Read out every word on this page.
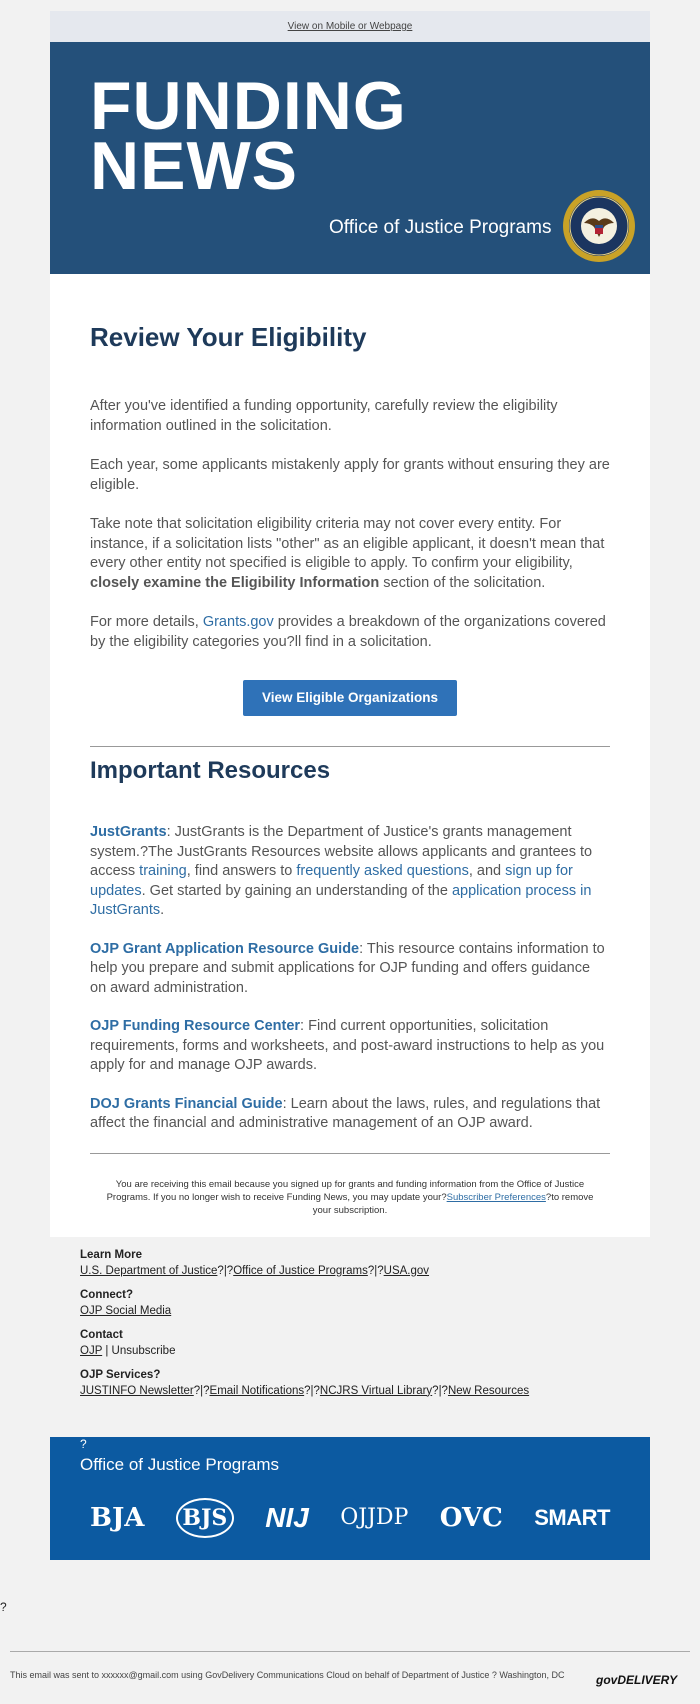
View on Mobile or Webpage
FUNDING
NEWS
Office of Justice Programs
Review Your Eligibility

After you've identified a funding opportunity, carefully review the eligibility information outlined in the solicitation.

Each year, some applicants mistakenly apply for grants without ensuring they are eligible.

Take note that solicitation eligibility criteria may not cover every entity. For instance, if a solicitation lists "other" as an eligible applicant, it doesn't mean that every other entity not specified is eligible to apply. To confirm your eligibility, closely examine the Eligibility Information section of the solicitation.

For more details, Grants.gov provides a breakdown of the organizations covered by the eligibility categories you?ll find in a solicitation.

View Eligible Organizations
Important Resources

JustGrants: JustGrants is the Department of Justice's grants management system.?The JustGrants Resources website allows applicants and grantees to access training, find answers to frequently asked questions, and sign up for updates. Get started by gaining an understanding of the application process in JustGrants.

OJP Grant Application Resource Guide: This resource contains information to help you prepare and submit applications for OJP funding and offers guidance on award administration.

OJP Funding Resource Center: Find current opportunities, solicitation requirements, forms and worksheets, and post-award instructions to help as you apply for and manage OJP awards.

DOJ Grants Financial Guide: Learn about the laws, rules, and regulations that affect the financial and administrative management of an OJP award.

You are receiving this email because you signed up for grants and funding information from the Office of Justice Programs. If you no longer wish to receive Funding News, you may update your?Subscriber Preferences?to remove your subscription.
Learn More
U.S. Department of Justice?|?Office of Justice Programs?|?USA.gov
Connect?
OJP Social Media
Contact
OJP | Unsubscribe
OJP Services?
JUSTINFO Newsletter?|?Email Notifications?|?NCJRS Virtual Library?|?New Resources
?
Office of Justice Programs
BJA BJS NIJ OJJDP OVC SMART
?
This email was sent to xxxxxx@gmail.com using GovDelivery Communications Cloud on behalf of Department of Justice ? Washington, DC	govDELIVERY
